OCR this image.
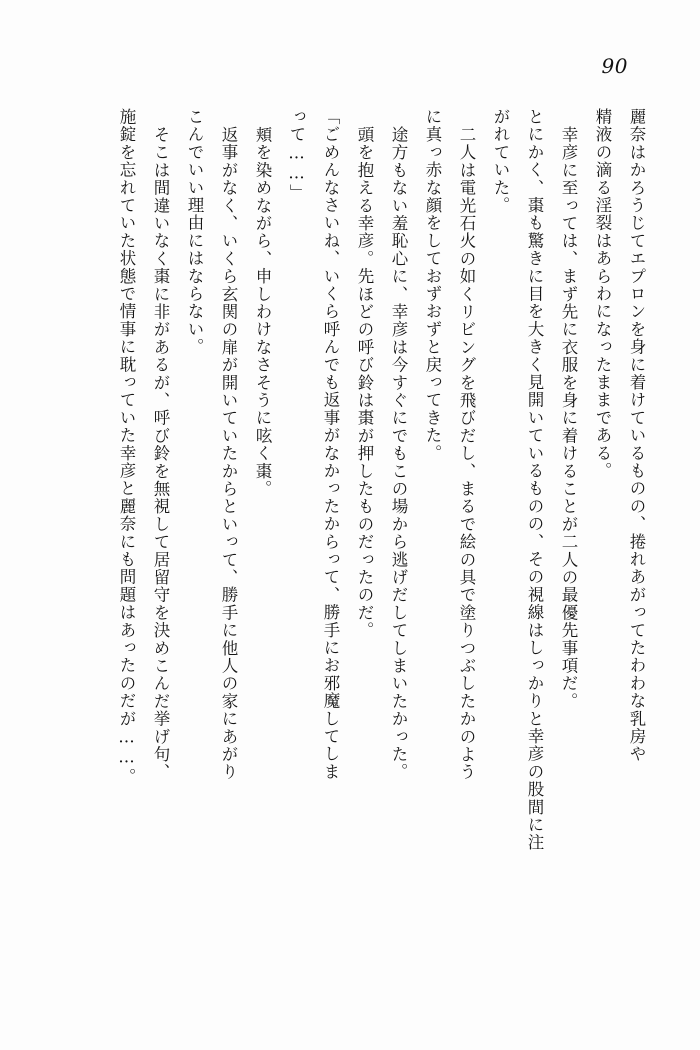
90
麗奈はかろうじてエプロンを身に着けているものの、捲れあがってたわわな乳房や
精液の滴る淫裂はあらわになったままである。
幸彦に至っては、まず先に衣服を身に着けることが二人の最優先事項だ。
とにかく、棗も驚きに目を大きく見開いているものの、その視線はしっかりと幸彦の股間に注
がれていた。
二人は電光石火の如くリビングを飛びだし、まるで絵の具で塗りつぶしたかのよう
に真っ赤な顔をしておずおずと戻ってきた。
途方もない羞恥心に、幸彦は今すぐにでもこの場から逃げだしてしまいたかった。
頭を抱える幸彦。先ほどの呼び鈴は棗が押したものだったのだ。
「ごめんなさいね、いくら呼んでも返事がなかったからって、勝手にお邪魔してしま
って……」
頬を染めながら、申しわけなさそうに呟く棗。
返事がなく、いくら玄関の扉が開いていたからといって、勝手に他人の家にあがり
こんでいい理由にはならない。
そこは間違いなく棗に非があるが、呼び鈴を無視して居留守を決めこんだ挙げ句、
施錠を忘れていた状態で情事に耽っていた幸彦と麗奈にも問題はあったのだが……。
